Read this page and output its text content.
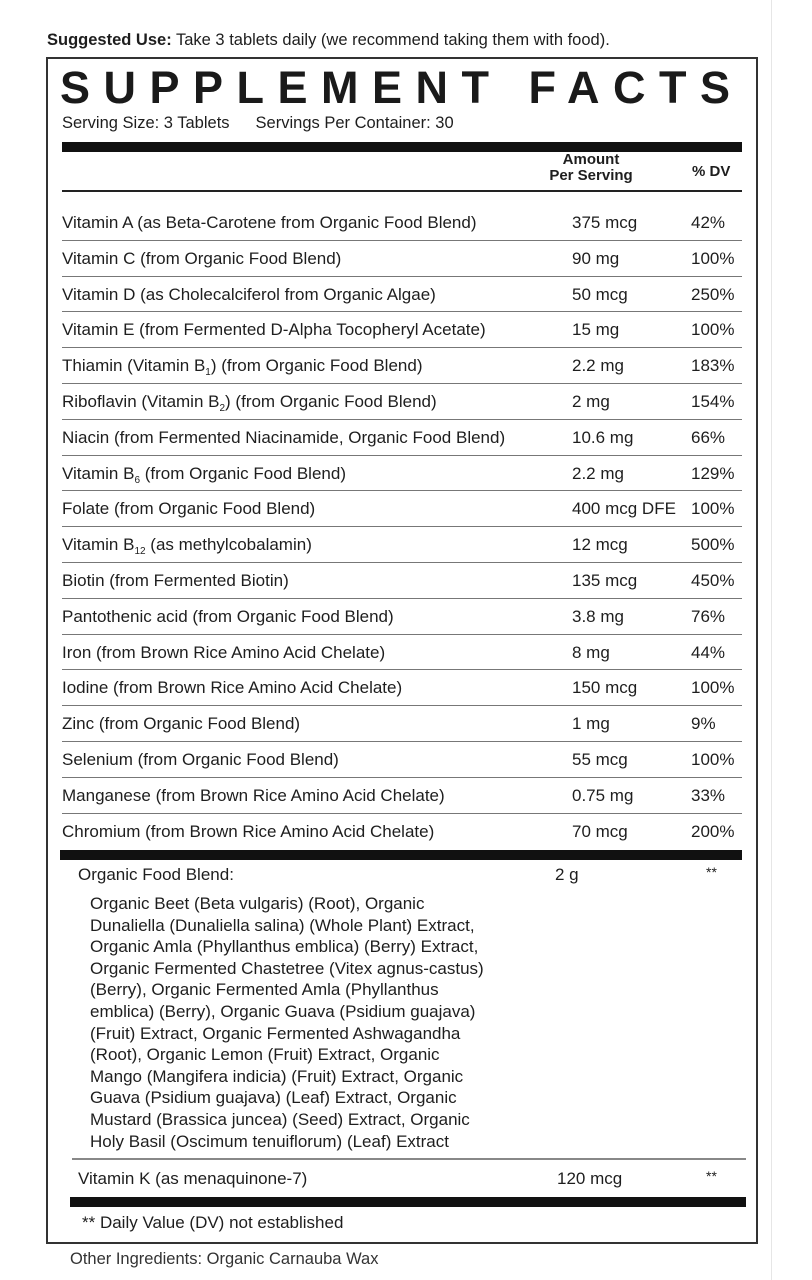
Suggested Use: Take 3 tablets daily (we recommend taking them with food).
SUPPLEMENT FACTS
Serving Size: 3 Tablets Servings Per Container: 30
Amount
Per Serving	% DV
Vitamin A (as Beta-Carotene from Organic Food Blend)	375 mcg	42%
Vitamin C (from Organic Food Blend)	90 mg	100%
Vitamin D (as Cholecalciferol from Organic Algae)	50 mcg	250%
Vitamin E (from Fermented D-Alpha Tocopheryl Acetate)	15 mg	100%
Thiamin (Vitamin $B_1$) (from Organic Food Blend)	2.2 mg	183%
Riboflavin (Vitamin $B_2$) (from Organic Food Blend)	2 mg	154%
Niacin (from Fermented Niacinamide, Organic Food Blend)	10.6 mg	66%
Vitamin $B_6$ (from Organic Food Blend)	2.2 mg	129%
Folate (from Organic Food Blend)	400 mcg DFE 100%
Vitamin $B_{12}$ (as methylcobalamin)	12 mcg	500%
Biotin (from Fermented Biotin)	135 mcg	450%
Pantothenic acid (from Organic Food Blend)	3.8 mg	76%
Iron (from Brown Rice Amino Acid Chelate)	8 mg	44%
Iodine (from Brown Rice Amino Acid Chelate)	150 mcg	100%
Zinc (from Organic Food Blend)	1 mg	9%
Selenium (from Organic Food Blend)	55 mcg	100%
Manganese (from Brown Rice Amino Acid Chelate)	0.75 mg	33%
Chromium (from Brown Rice Amino Acid Chelate)	70 mcg	200%
Organic Food Blend:	2 g	**
Organic Beet (Beta vulgaris) (Root), Organic
Dunaliella (Dunaliella salina) (Whole Plant) Extract,
Organic Amla (Phyllanthus emblica) (Berry) Extract,
Organic Fermented Chastetree (Vitex agnus-castus)
(Berry), Organic Fermented Amla (Phyllanthus
emblica) (Berry), Organic Guava (Psidium guajava)
(Fruit) Extract, Organic Fermented Ashwagandha
(Root), Organic Lemon (Fruit) Extract, Organic
Mango (Mangifera indicia) (Fruit) Extract, Organic
Guava (Psidium guajava) (Leaf) Extract, Organic
Mustard (Brassica juncea) (Seed) Extract, Organic
Holy Basil (Oscimum tenuiflorum) (Leaf) Extract
Vitamin K (as menaquinone-7)	120 mcg	**
** Daily Value (DV) not established
Other Ingredients: Organic Carnauba Wax
